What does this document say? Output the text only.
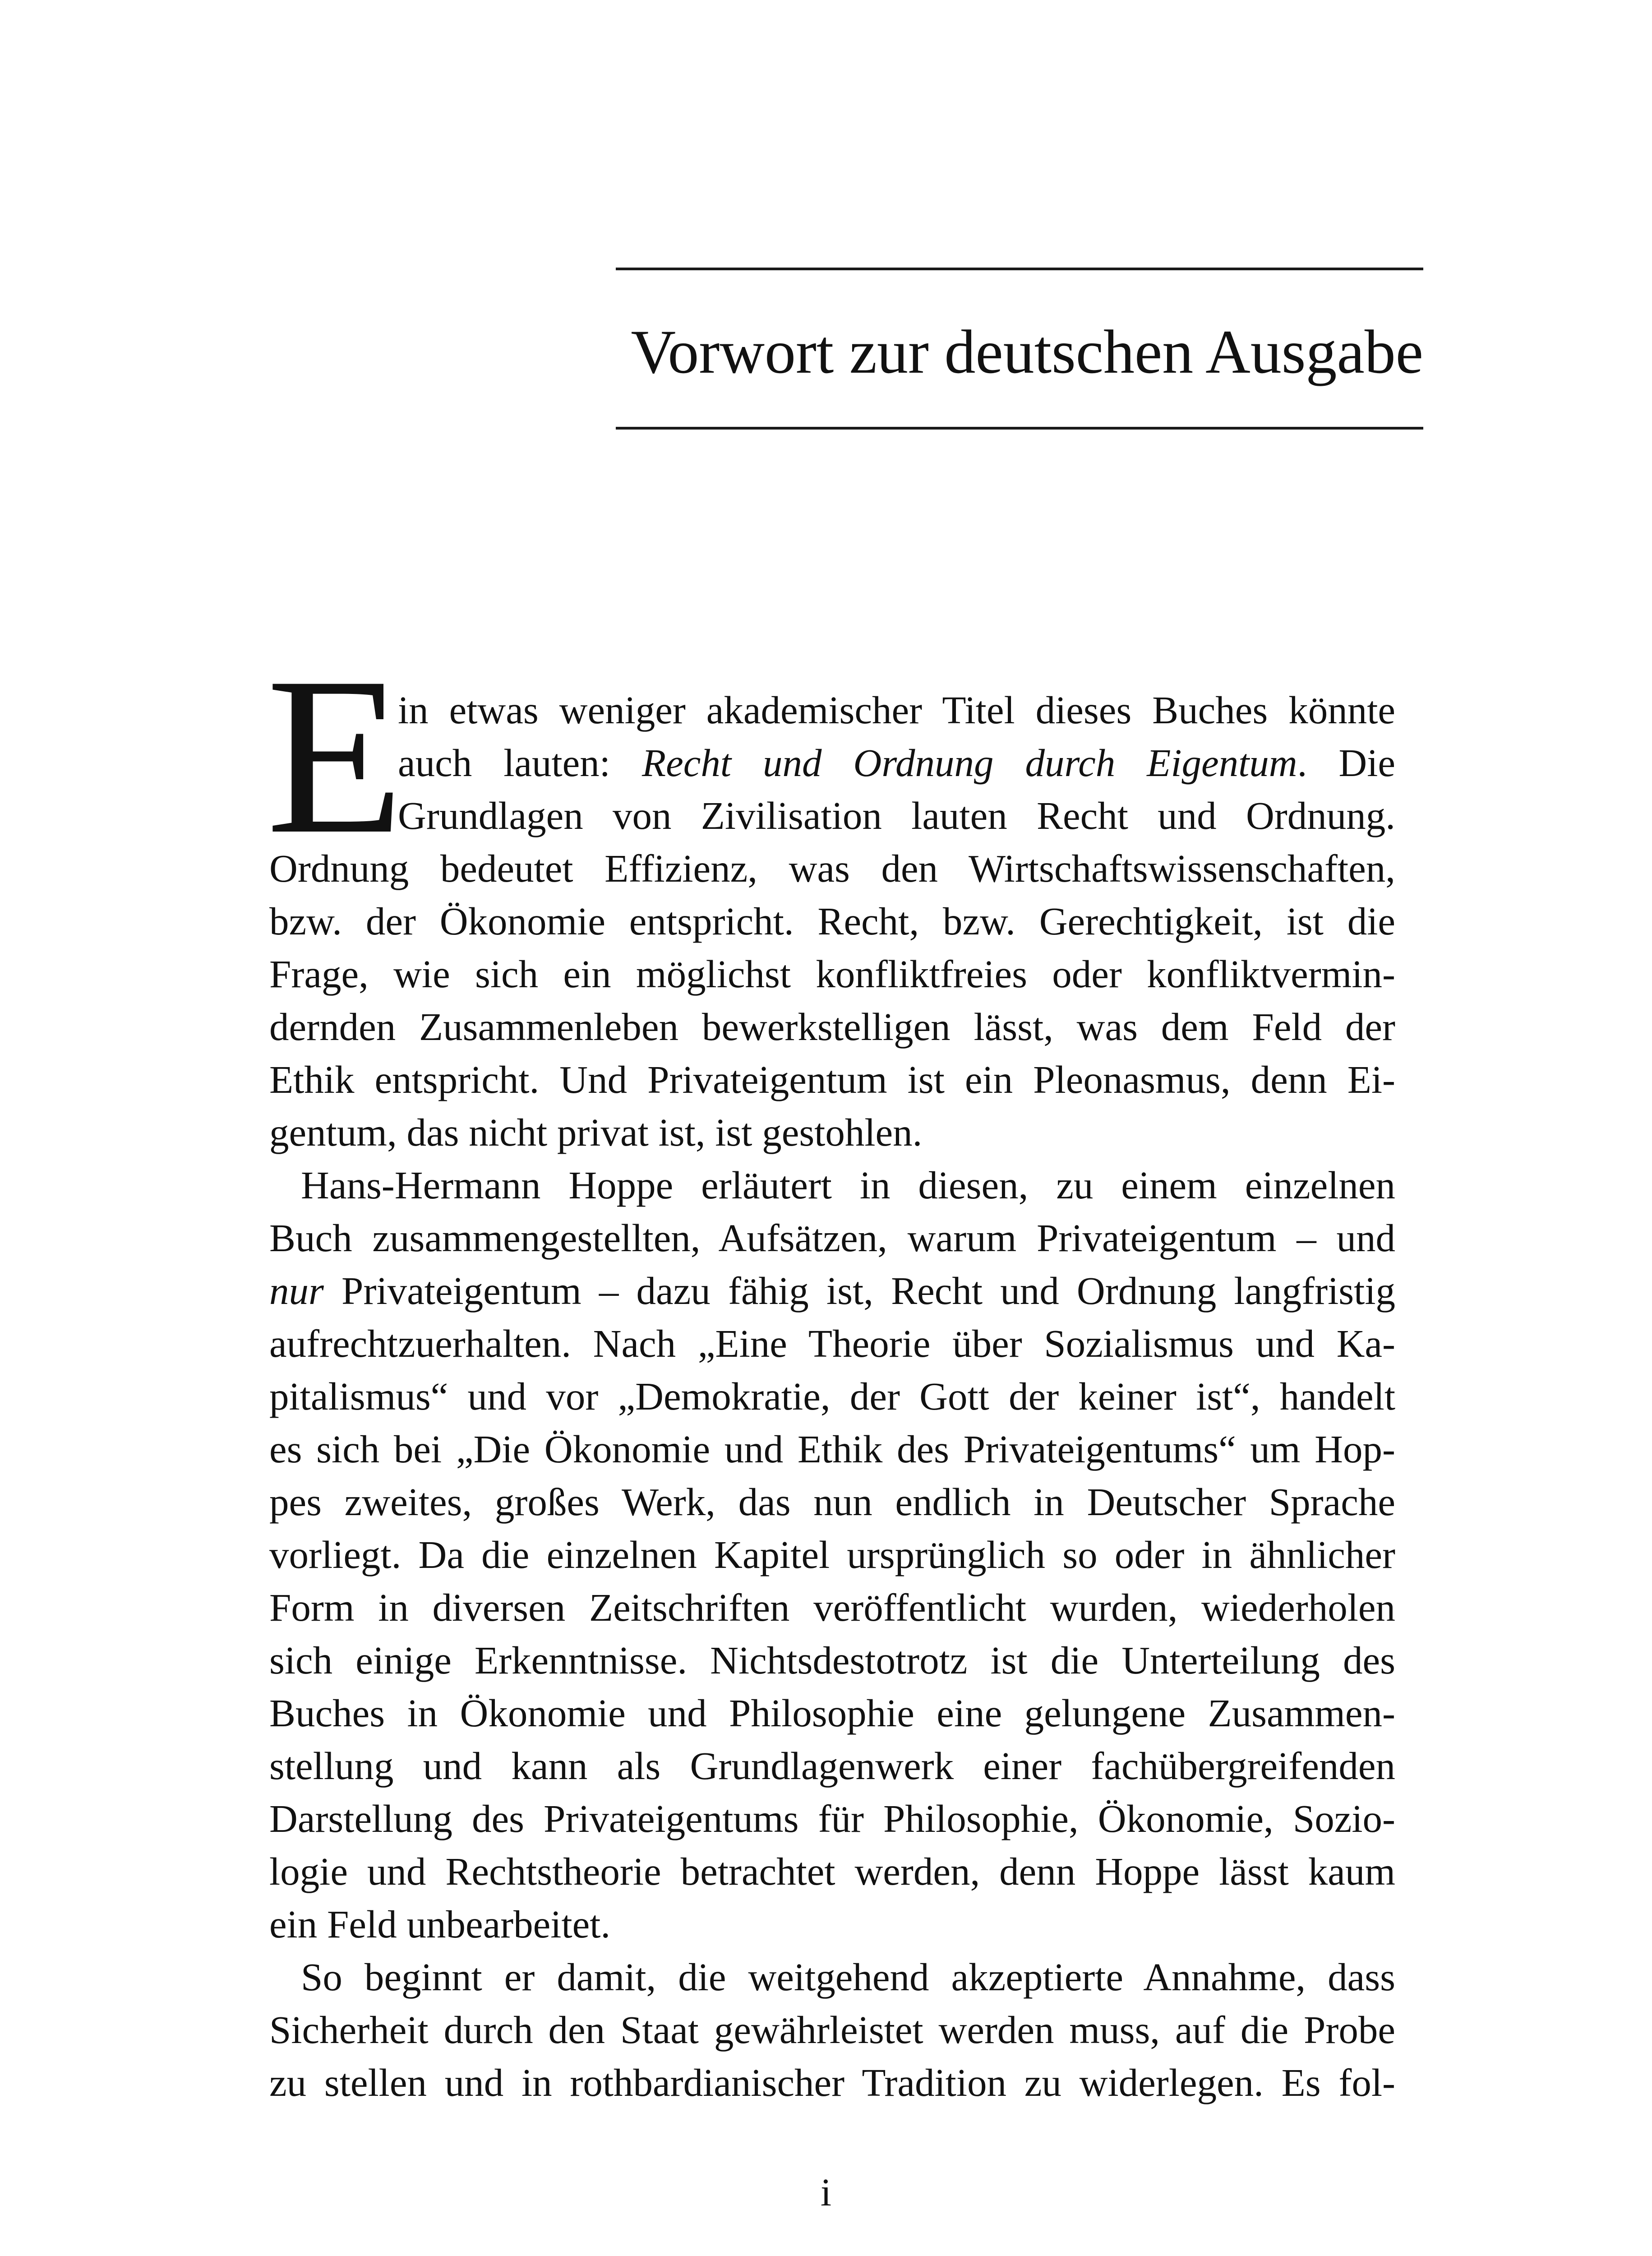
Vorwort zur deutschen Ausgabe
E
in etwas weniger akademischer Titel dieses Buches könnte
auch lauten: Recht und Ordnung durch Eigentum. Die
Grundlagen von Zivilisation lauten Recht und Ordnung.
Ordnung bedeutet Effizienz, was den Wirtschaftswissenschaften,
bzw. der Ökonomie entspricht. Recht, bzw. Gerechtigkeit, ist die
Frage, wie sich ein möglichst konfliktfreies oder konfliktvermin-
dernden Zusammenleben bewerkstelligen lässt, was dem Feld der
Ethik entspricht. Und Privateigentum ist ein Pleonasmus, denn Ei-
gentum, das nicht privat ist, ist gestohlen.
Hans-Hermann Hoppe erläutert in diesen, zu einem einzelnen
Buch zusammengestellten, Aufsätzen, warum Privateigentum – und
nur Privateigentum – dazu fähig ist, Recht und Ordnung langfristig
aufrechtzuerhalten. Nach „Eine Theorie über Sozialismus und Ka-
pitalismus“ und vor „Demokratie, der Gott der keiner ist“, handelt
es sich bei „Die Ökonomie und Ethik des Privateigentums“ um Hop-
pes zweites, großes Werk, das nun endlich in Deutscher Sprache
vorliegt. Da die einzelnen Kapitel ursprünglich so oder in ähnlicher
Form in diversen Zeitschriften veröffentlicht wurden, wiederholen
sich einige Erkenntnisse. Nichtsdestotrotz ist die Unterteilung des
Buches in Ökonomie und Philosophie eine gelungene Zusammen-
stellung und kann als Grundlagenwerk einer fachübergreifenden
Darstellung des Privateigentums für Philosophie, Ökonomie, Sozio-
logie und Rechtstheorie betrachtet werden, denn Hoppe lässt kaum
ein Feld unbearbeitet.
So beginnt er damit, die weitgehend akzeptierte Annahme, dass
Sicherheit durch den Staat gewährleistet werden muss, auf die Probe
zu stellen und in rothbardianischer Tradition zu widerlegen. Es fol-
i
